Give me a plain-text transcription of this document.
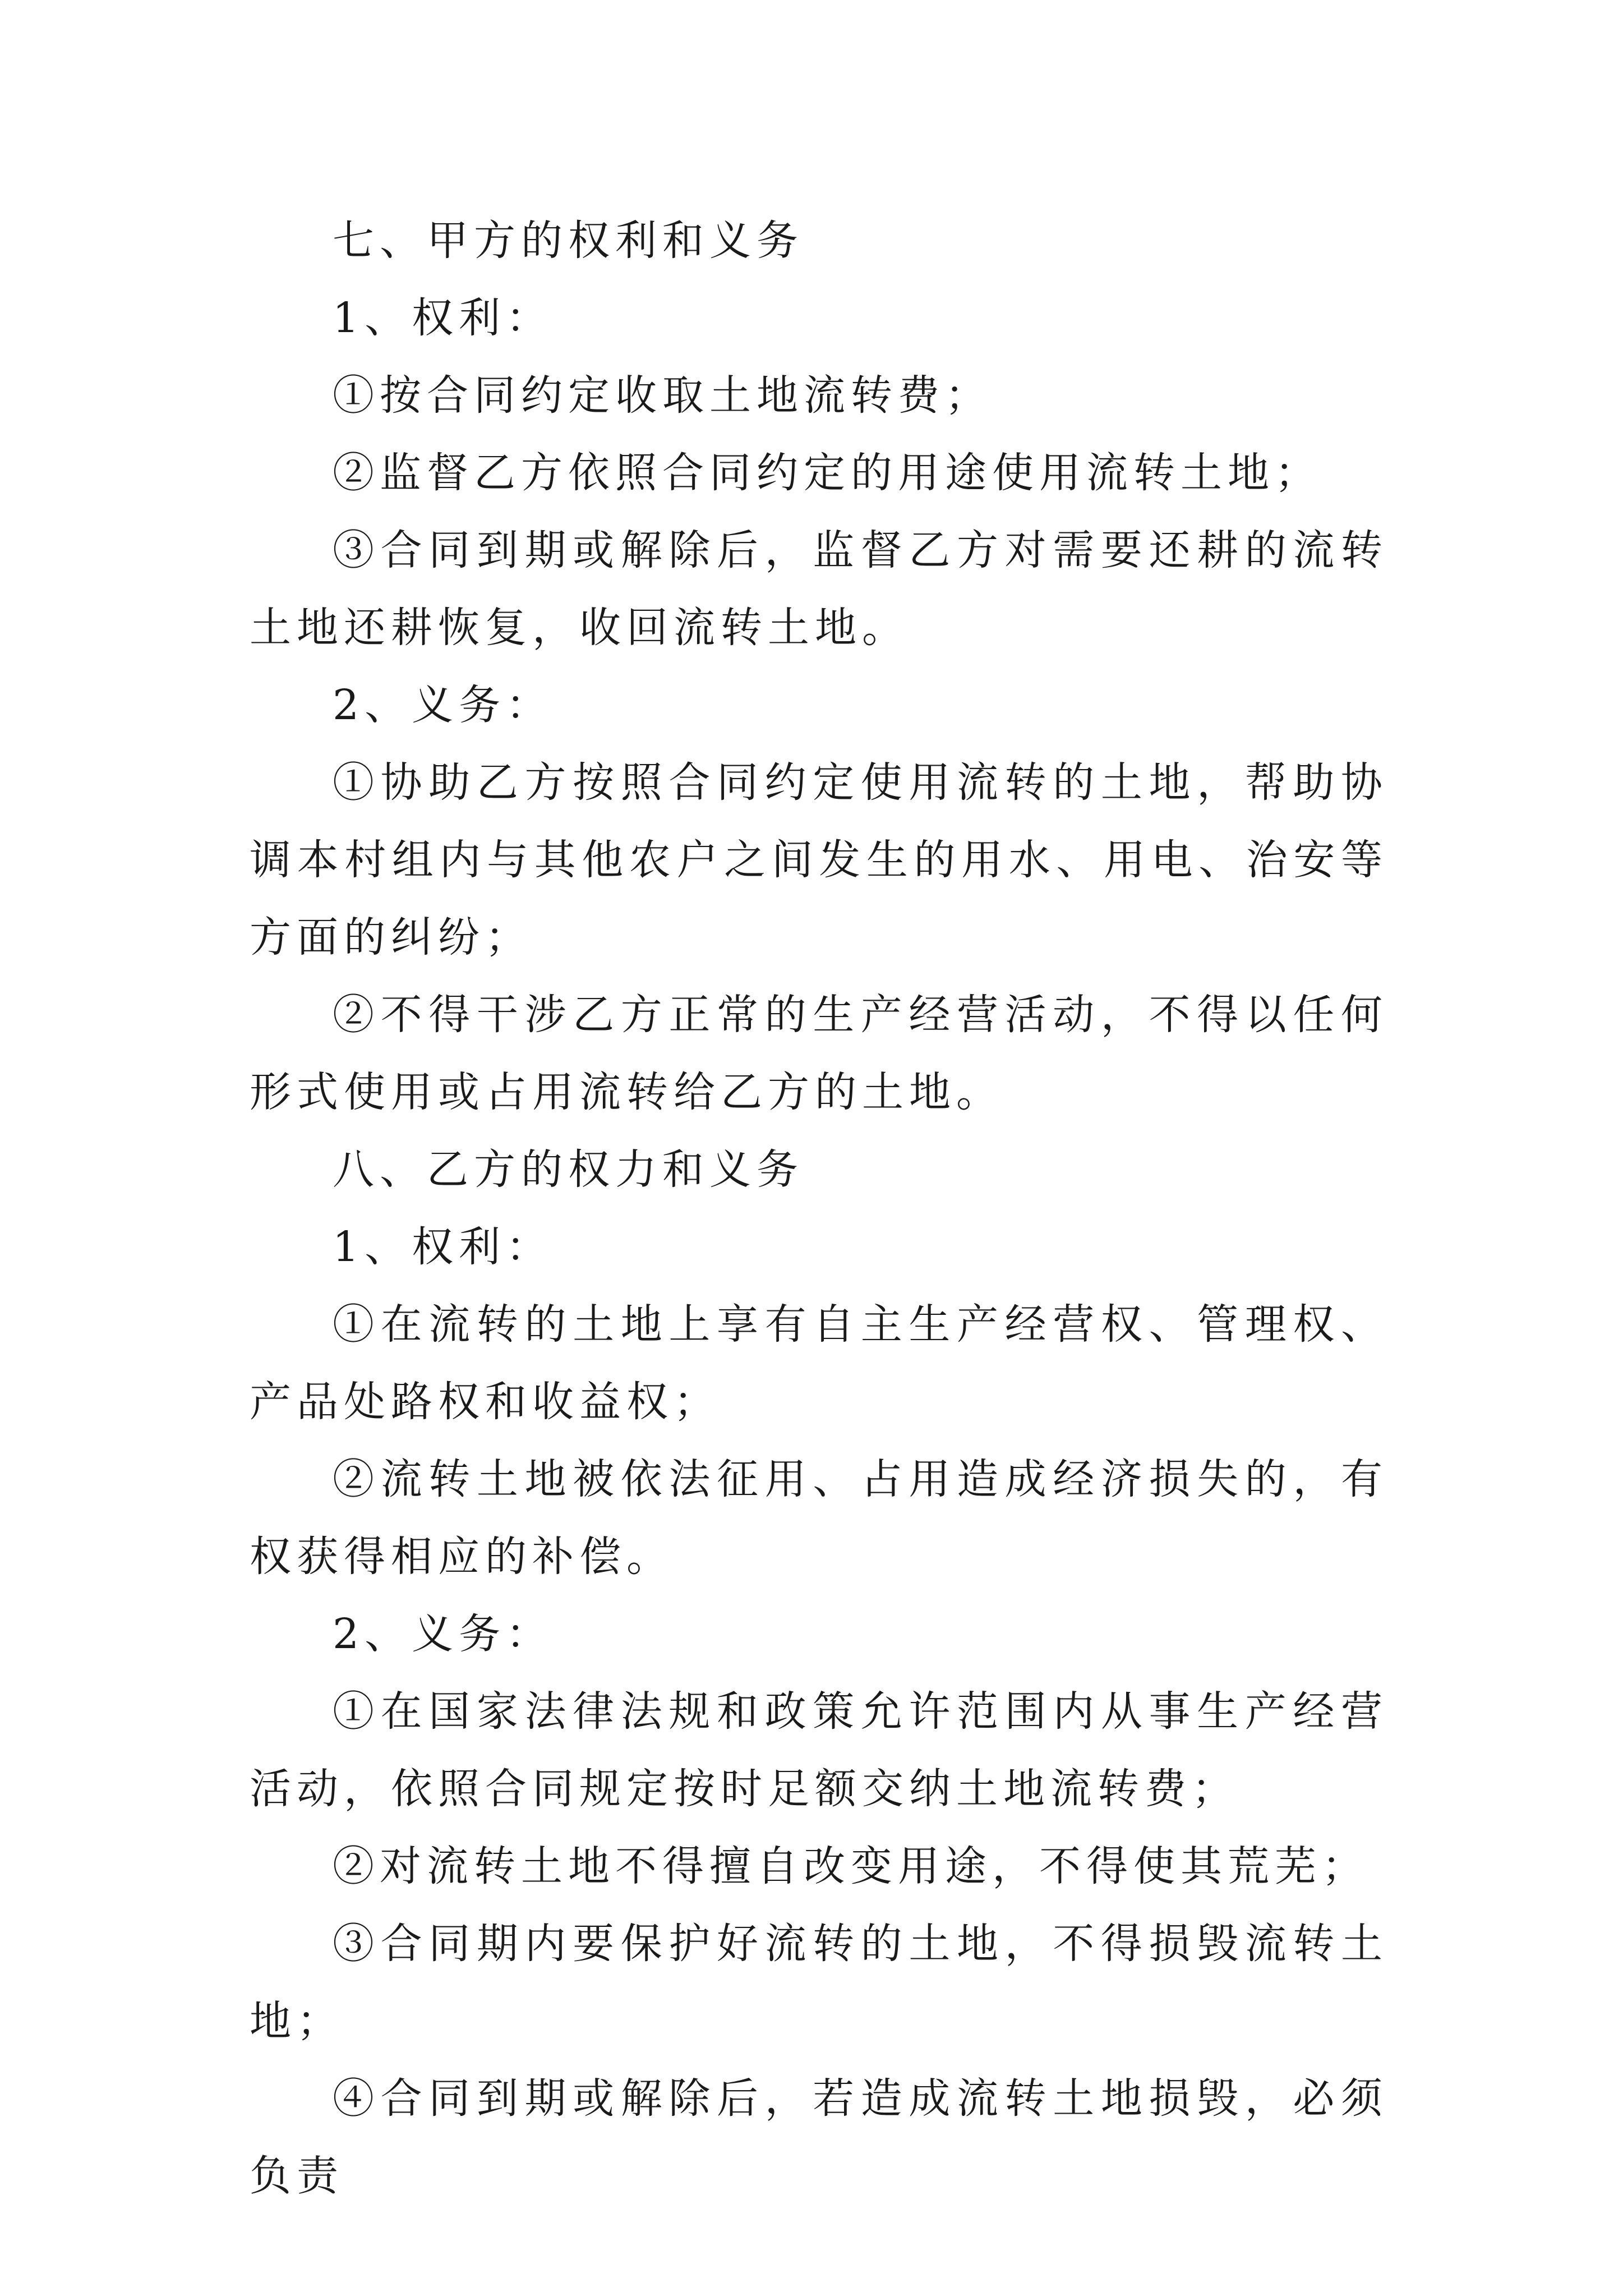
七、甲方的权利和义务

1、权利：

①按合同约定收取土地流转费；

②监督乙方依照合同约定的用途使用流转土地；

③合同到期或解除后，监督乙方对需要还耕的流转土地还耕恢复，收回流转土地。

2、义务：

①协助乙方按照合同约定使用流转的土地，帮助协调本村组内与其他农户之间发生的用水、用电、治安等方面的纠纷；

②不得干涉乙方正常的生产经营活动，不得以任何形式使用或占用流转给乙方的土地。

八、乙方的权力和义务

1、权利：

①在流转的土地上享有自主生产经营权、管理权、产品处路权和收益权；

②流转土地被依法征用、占用造成经济损失的，有权获得相应的补偿。

2、义务：

①在国家法律法规和政策允许范围内从事生产经营活动，依照合同规定按时足额交纳土地流转费；

②对流转土地不得擅自改变用途，不得使其荒芜；

③合同期内要保护好流转的土地，不得损毁流转土地；

④合同到期或解除后，若造成流转土地损毁，必须负责
